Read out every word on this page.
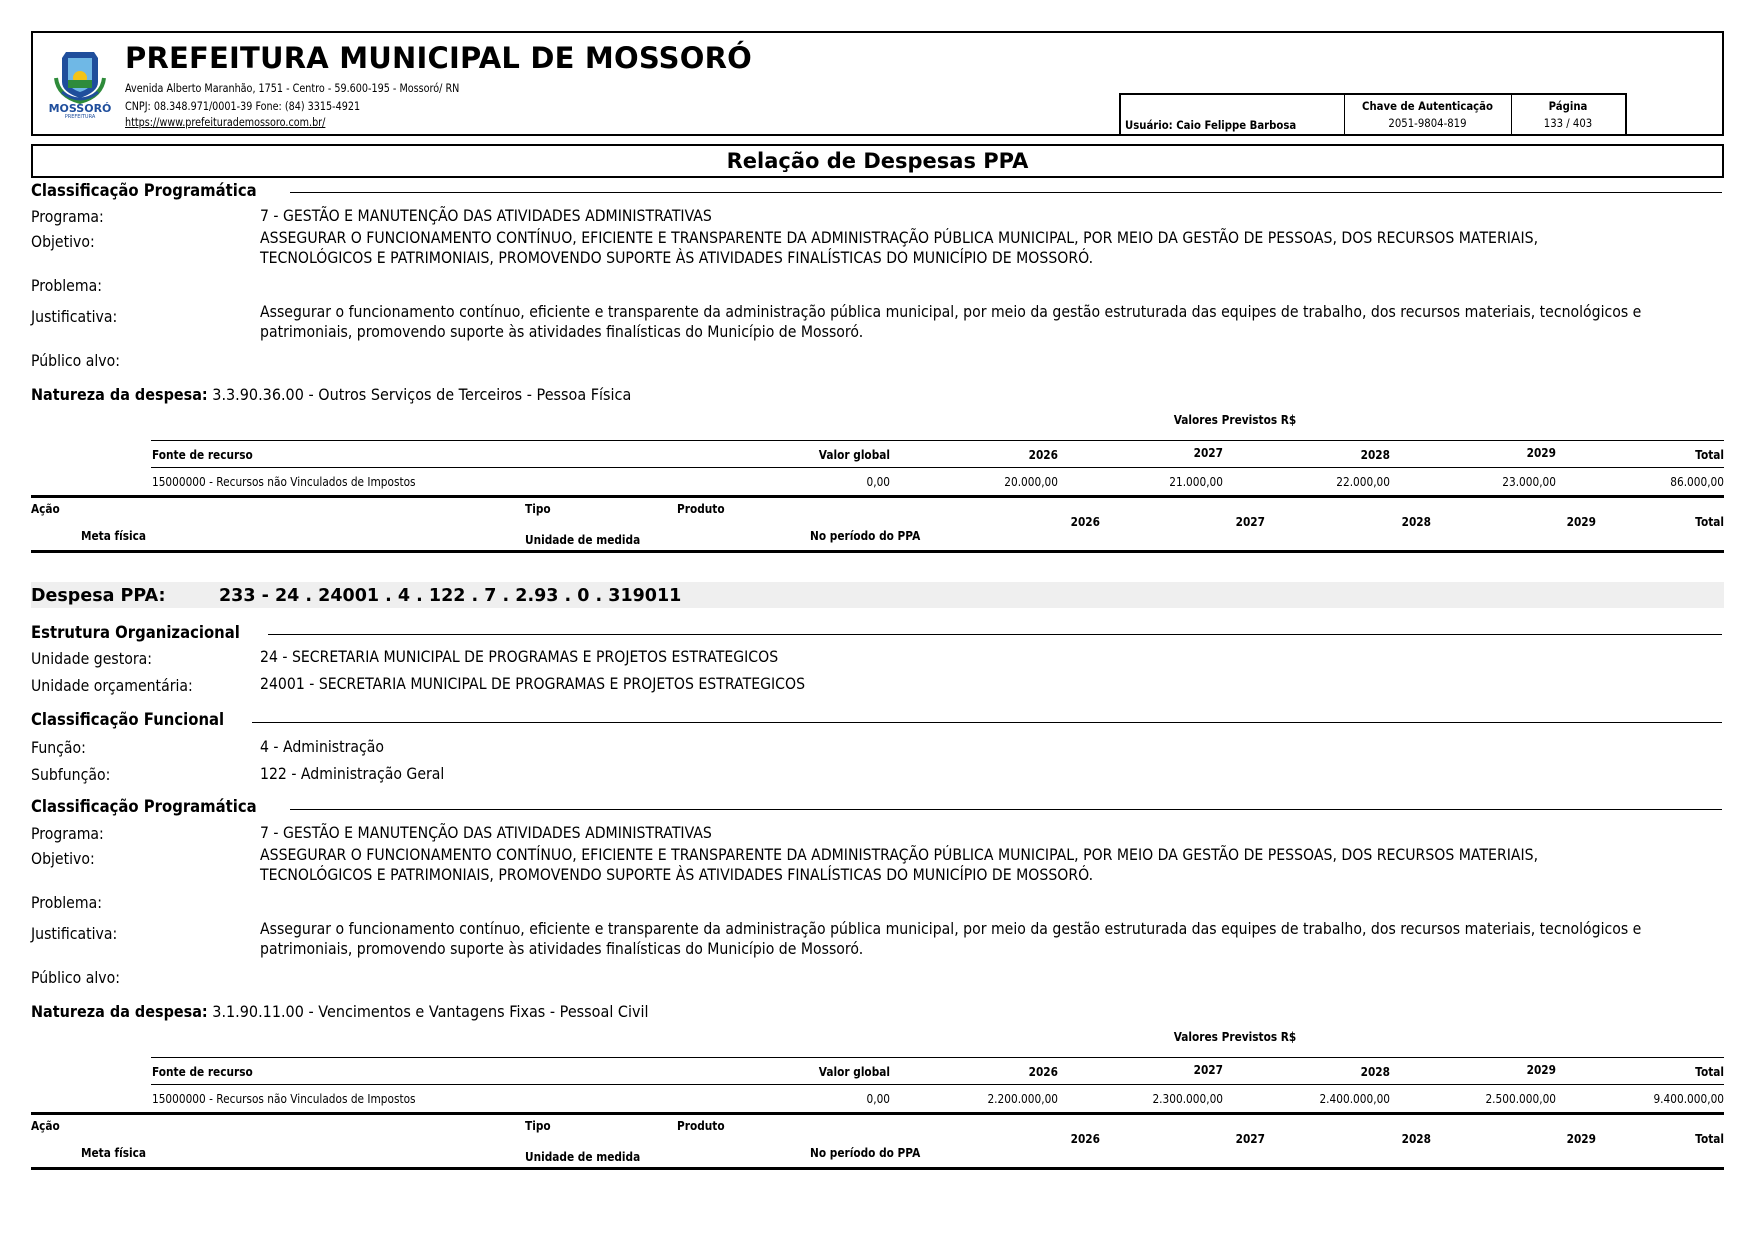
MOSSORÓ
PREFEITURA
PREFEITURA MUNICIPAL DE MOSSORÓ
Avenida Alberto Maranhão, 1751 - Centro - 59.600-195 - Mossoró/ RN
CNPJ: 08.348.971/0001-39 Fone: (84) 3315-4921
https://www.prefeiturademossoro.com.br/	Usuário: Caio Felippe Barbosa
Chave de Autenticação
2051-9804-819
Página
133 / 403
Relação de Despesas PPA
Classificação Programática
Programa:	7 - GESTÃO E MANUTENÇÃO DAS ATIVIDADES ADMINISTRATIVAS
Objetivo:	ASSEGURAR O FUNCIONAMENTO CONTÍNUO, EFICIENTE E TRANSPARENTE DA ADMINISTRAÇÃO PÚBLICA MUNICIPAL, POR MEIO DA GESTÃO DE PESSOAS, DOS RECURSOS MATERIAIS,
TECNOLÓGICOS E PATRIMONIAIS, PROMOVENDO SUPORTE ÀS ATIVIDADES FINALÍSTICAS DO MUNICÍPIO DE MOSSORÓ.
Problema:
Justificativa:	Assegurar o funcionamento contínuo, eficiente e transparente da administração pública municipal, por meio da gestão estruturada das equipes de trabalho, dos recursos materiais, tecnológicos e
patrimoniais, promovendo suporte às atividades finalísticas do Município de Mossoró.
Público alvo:
Natureza da despesa: 3.3.90.36.00 - Outros Serviços de Terceiros - Pessoa Física
Valores Previstos R$
Fonte de recurso	Valor global	2026	2027	2028	2029	Total
15000000 - Recursos não Vinculados de Impostos	0,00	20.000,00	21.000,00	22.000,00	23.000,00	86.000,00
Ação	Tipo	Produto
2026	2027	2028	2029	Total
Meta física	Unidade de medida	No período do PPA
Despesa PPA:	233 - 24 . 24001 . 4 . 122 . 7 . 2.93 . 0 . 319011
Estrutura Organizacional
Unidade gestora:	24 - SECRETARIA MUNICIPAL DE PROGRAMAS E PROJETOS ESTRATEGICOS
Unidade orçamentária:	24001 - SECRETARIA MUNICIPAL DE PROGRAMAS E PROJETOS ESTRATEGICOS
Classificação Funcional
Função:	4 - Administração
Subfunção:	122 - Administração Geral
Classificação Programática
Programa:	7 - GESTÃO E MANUTENÇÃO DAS ATIVIDADES ADMINISTRATIVAS
Objetivo:	ASSEGURAR O FUNCIONAMENTO CONTÍNUO, EFICIENTE E TRANSPARENTE DA ADMINISTRAÇÃO PÚBLICA MUNICIPAL, POR MEIO DA GESTÃO DE PESSOAS, DOS RECURSOS MATERIAIS,
TECNOLÓGICOS E PATRIMONIAIS, PROMOVENDO SUPORTE ÀS ATIVIDADES FINALÍSTICAS DO MUNICÍPIO DE MOSSORÓ.
Problema:
Justificativa:	Assegurar o funcionamento contínuo, eficiente e transparente da administração pública municipal, por meio da gestão estruturada das equipes de trabalho, dos recursos materiais, tecnológicos e
patrimoniais, promovendo suporte às atividades finalísticas do Município de Mossoró.
Público alvo:
Natureza da despesa: 3.1.90.11.00 - Vencimentos e Vantagens Fixas - Pessoal Civil
Valores Previstos R$
Fonte de recurso	Valor global	2026	2027	2028	2029	Total
15000000 - Recursos não Vinculados de Impostos	0,00	2.200.000,00	2.300.000,00	2.400.000,00	2.500.000,00	9.400.000,00
Ação	Tipo	Produto
2026	2027	2028	2029	Total
Meta física	Unidade de medida	No período do PPA
